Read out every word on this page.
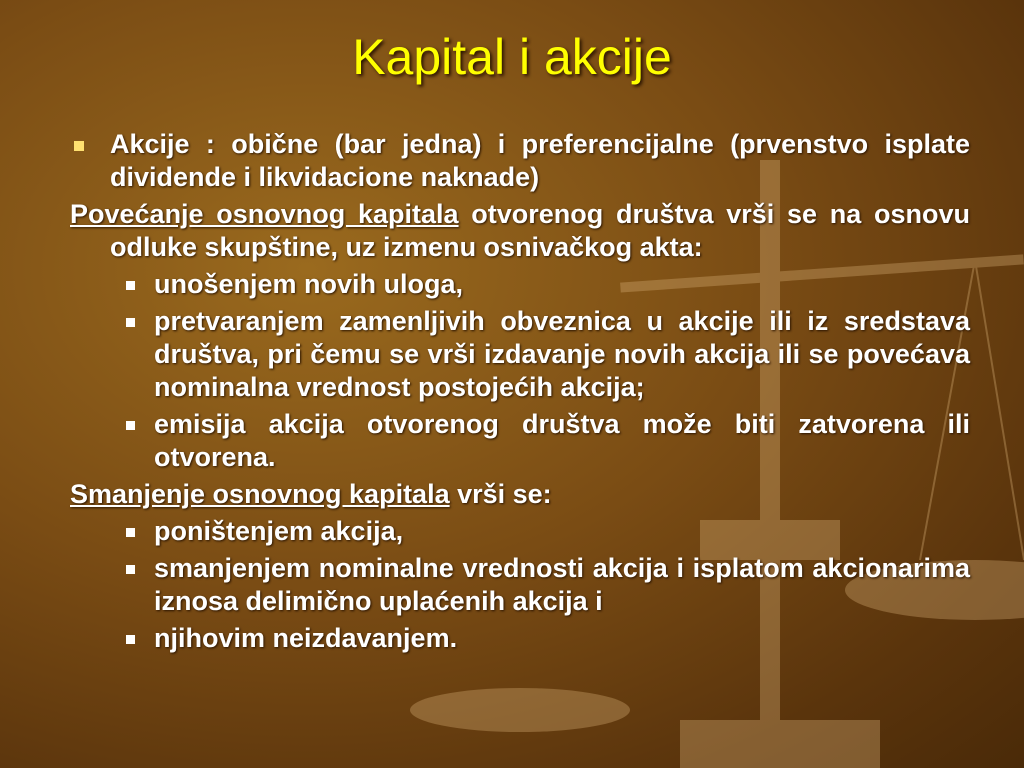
Kapital i akcije
Akcije : obične (bar jedna) i preferencijalne (prvenstvo isplate dividende i likvidacione naknade)
Povećanje osnovnog kapitala otvorenog društva vrši se na osnovu odluke skupštine, uz izmenu osnivačkog akta:
unošenjem novih uloga,
pretvaranjem zamenljivih obveznica u akcije ili iz sredstava društva, pri čemu se vrši izdavanje novih akcija ili se povećava nominalna vrednost postojećih akcija;
emisija akcija otvorenog društva može biti zatvorena ili otvorena.
Smanjenje osnovnog kapitala vrši se:
poništenjem akcija,
smanjenjem nominalne vrednosti akcija i isplatom akcionarima iznosa delimično uplaćenih akcija i
njihovim neizdavanjem.
